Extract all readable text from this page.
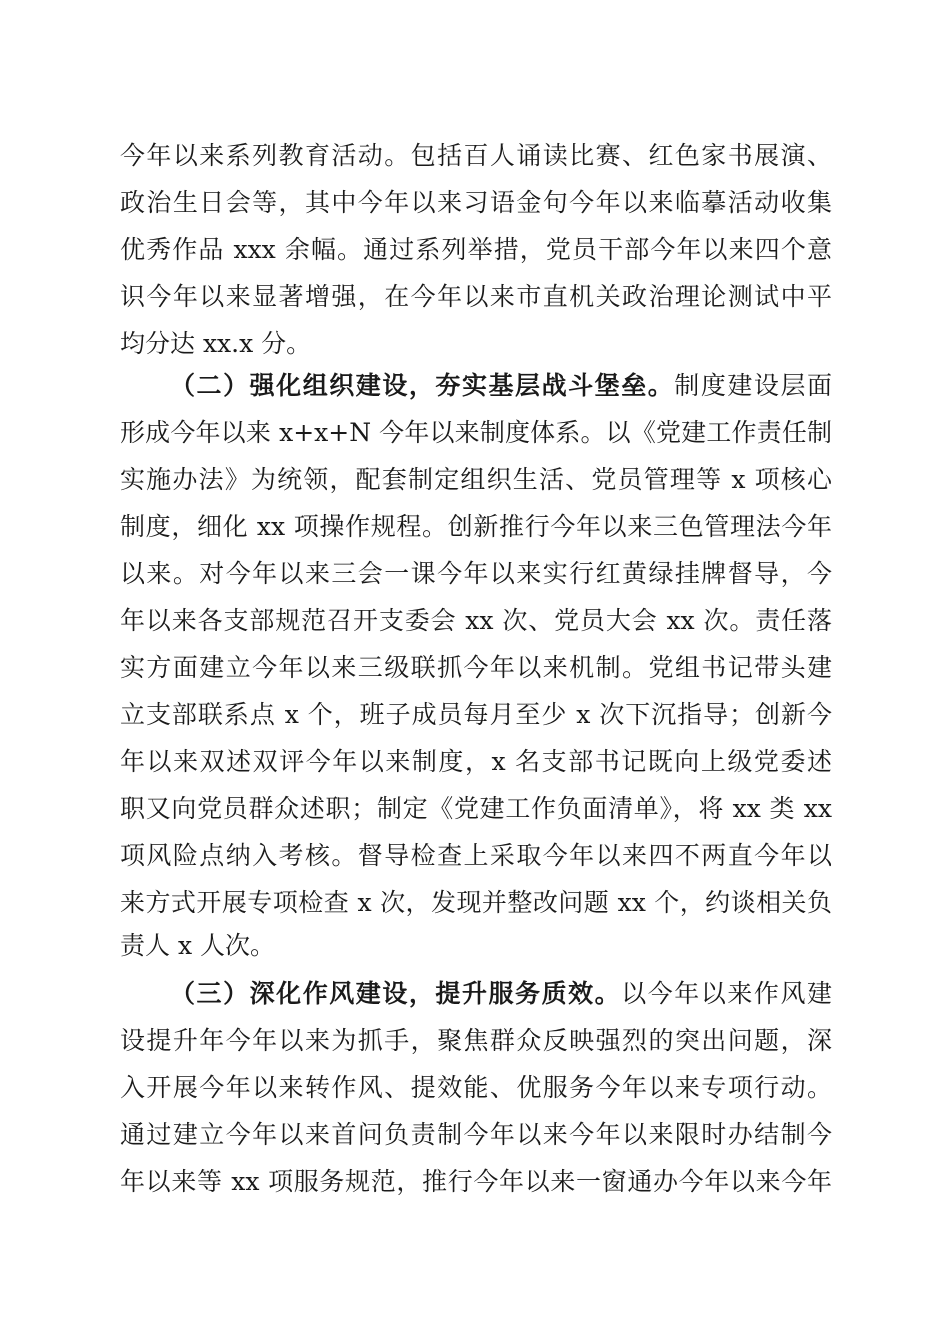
今年以来系列教育活动。包括百人诵读比赛、红色家书展演、
政治生日会等，其中今年以来习语金句今年以来临摹活动收集
优秀作品 xxx 余幅。通过系列举措，党员干部今年以来四个意
识今年以来显著增强，在今年以来市直机关政治理论测试中平
均分达 xx.x 分。
（二）强化组织建设，夯实基层战斗堡垒。制度建设层面
形成今年以来 x+x+N 今年以来制度体系。以《党建工作责任制
实施办法》为统领，配套制定组织生活、党员管理等 x 项核心
制度，细化 xx 项操作规程。创新推行今年以来三色管理法今年
以来。对今年以来三会一课今年以来实行红黄绿挂牌督导，今
年以来各支部规范召开支委会 xx 次、党员大会 xx 次。责任落
实方面建立今年以来三级联抓今年以来机制。党组书记带头建
立支部联系点 x 个，班子成员每月至少 x 次下沉指导；创新今
年以来双述双评今年以来制度，x 名支部书记既向上级党委述
职又向党员群众述职；制定《党建工作负面清单》，将 xx 类 xx
项风险点纳入考核。督导检查上采取今年以来四不两直今年以
来方式开展专项检查 x 次，发现并整改问题 xx 个，约谈相关负
责人 x 人次。
（三）深化作风建设，提升服务质效。以今年以来作风建
设提升年今年以来为抓手，聚焦群众反映强烈的突出问题，深
入开展今年以来转作风、提效能、优服务今年以来专项行动。
通过建立今年以来首问负责制今年以来今年以来限时办结制今
年以来等 xx 项服务规范，推行今年以来一窗通办今年以来今年
